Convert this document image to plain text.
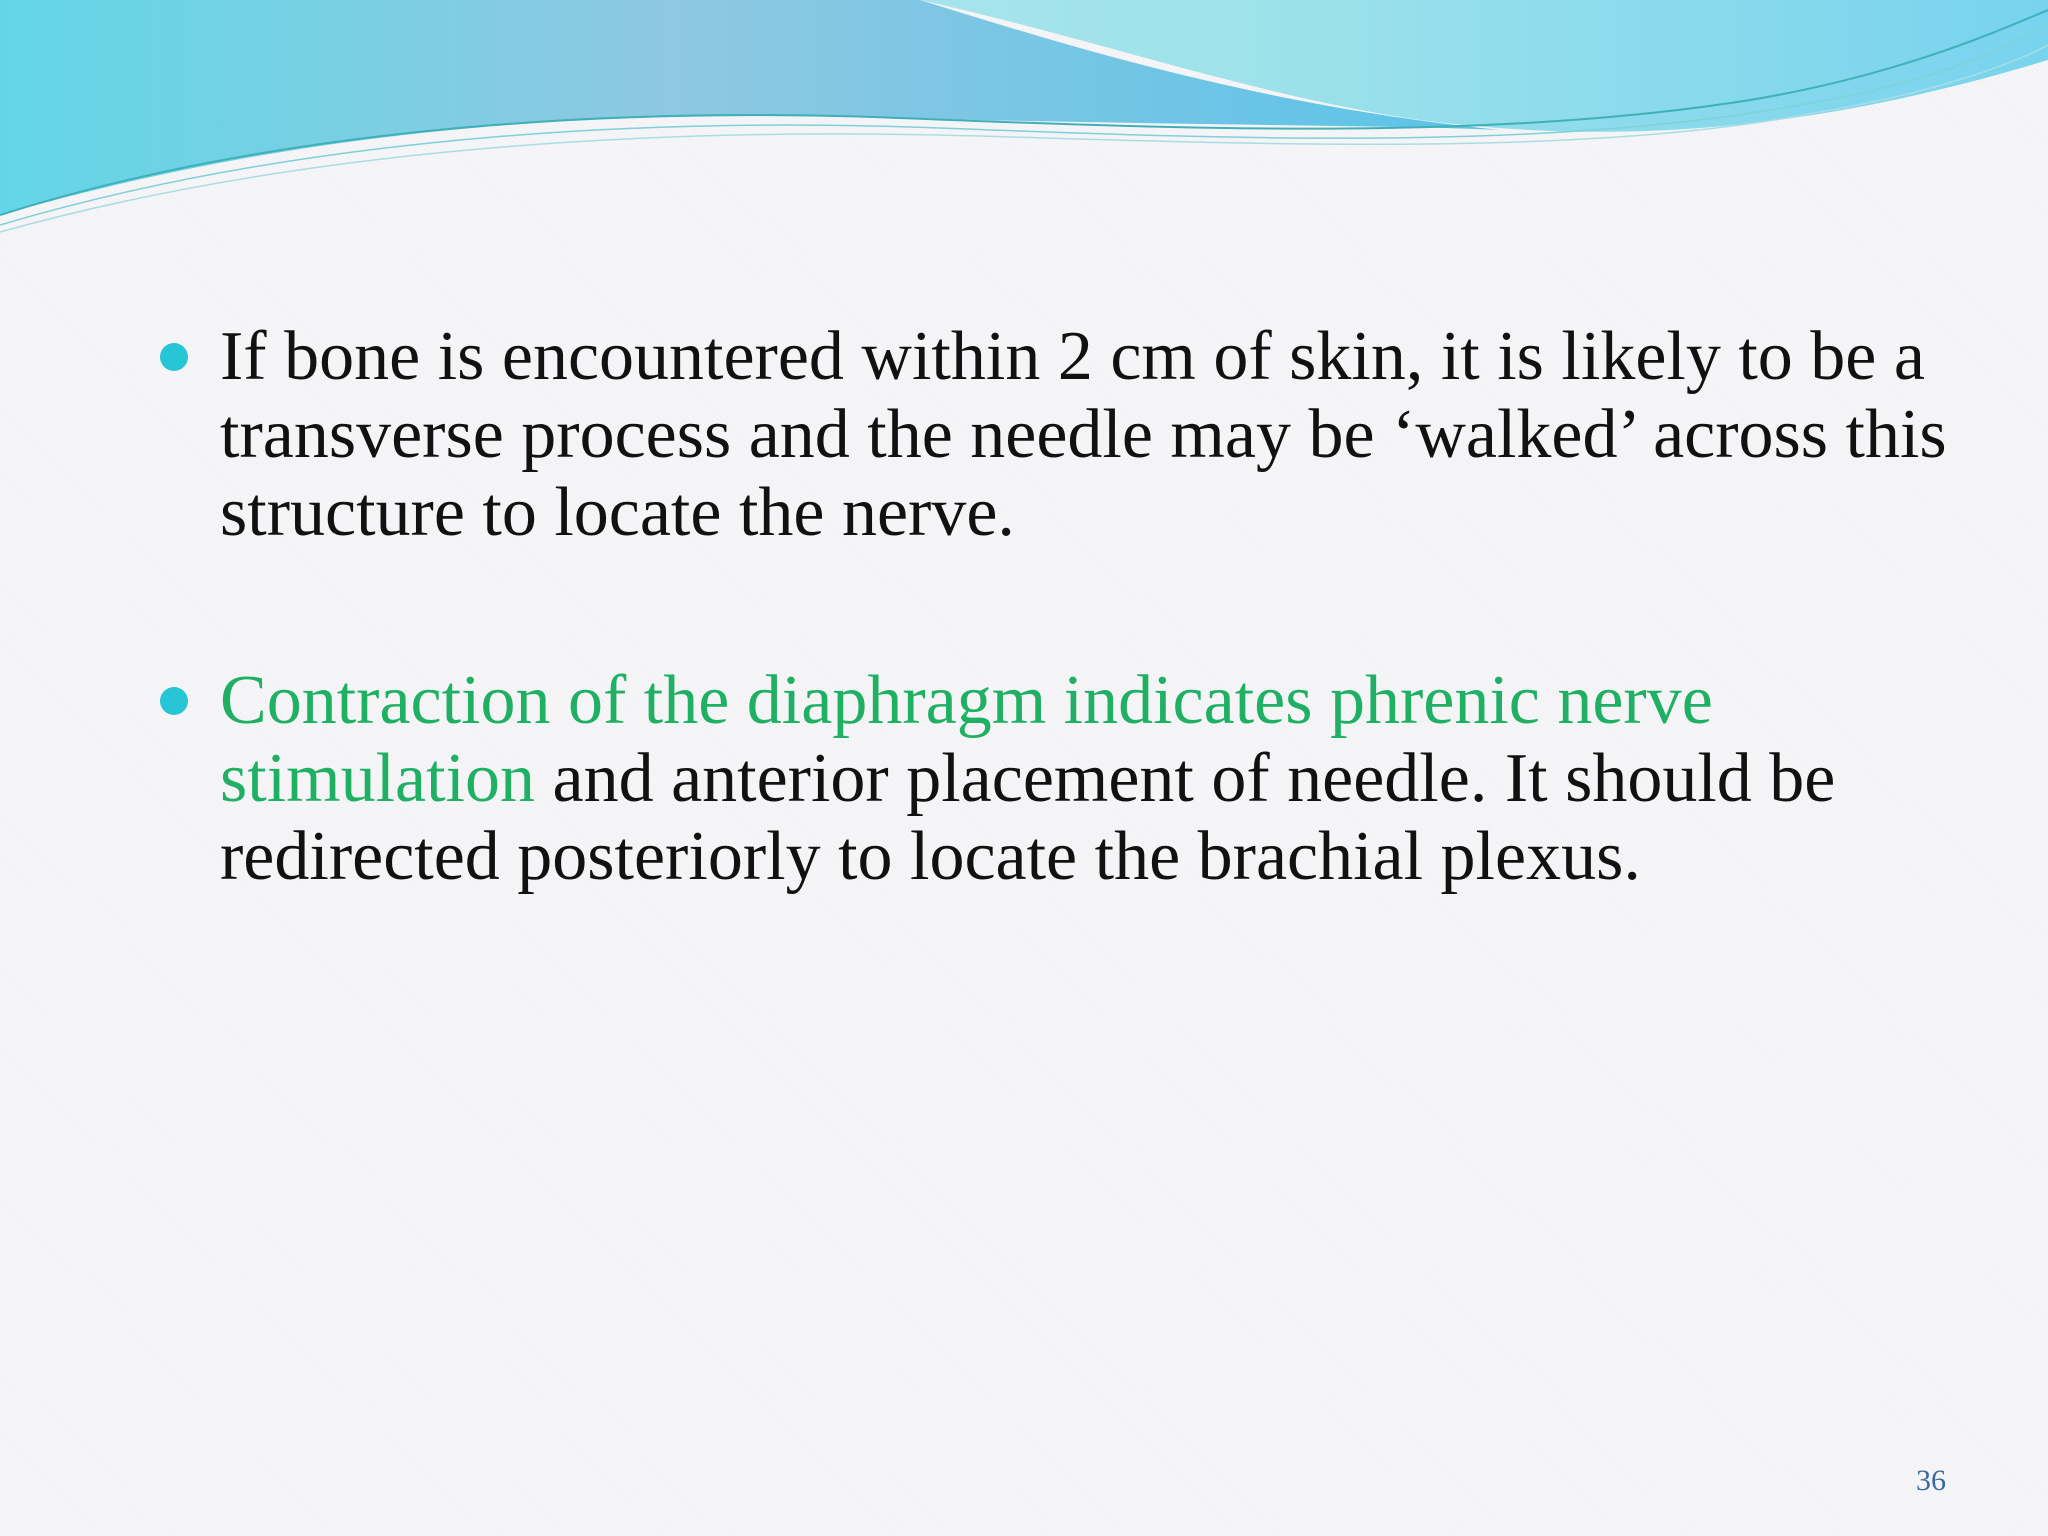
If bone is encountered within 2 cm of skin, it is likely to be a transverse process and the needle may be ‘walked’ across this structure to locate the nerve.
Contraction of the diaphragm indicates phrenic nerve stimulation and anterior placement of needle. It should be redirected posteriorly to locate the brachial plexus.
36
